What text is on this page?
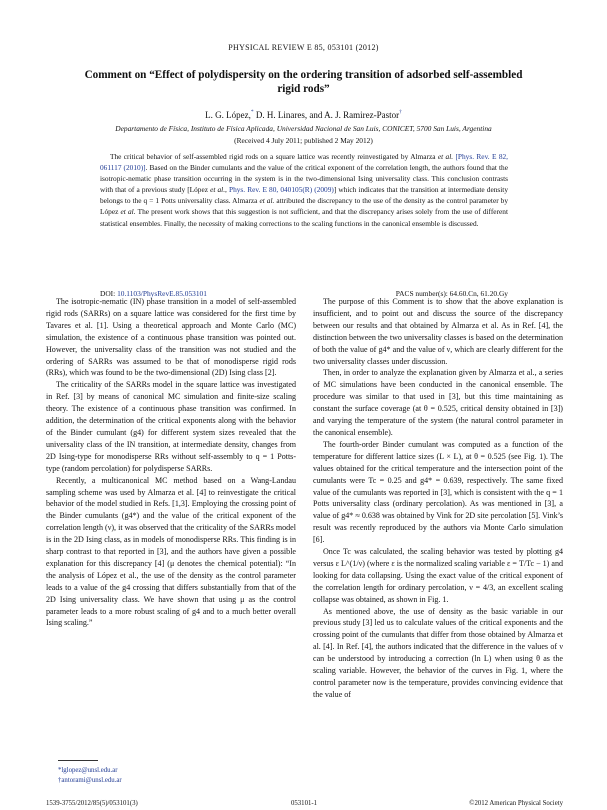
PHYSICAL REVIEW E 85, 053101 (2012)
Comment on “Effect of polydispersity on the ordering transition of adsorbed self-assembled rigid rods”
L. G. López,* D. H. Linares, and A. J. Ramirez-Pastor†
Departamento de Física, Instituto de Física Aplicada, Universidad Nacional de San Luis, CONICET, 5700 San Luis, Argentina
(Received 4 July 2011; published 2 May 2012)

The critical behavior of self-assembled rigid rods on a square lattice was recently reinvestigated by Almarza et al. [Phys. Rev. E 82, 061117 (2010)]. Based on the Binder cumulants and the value of the critical exponent of the correlation length, the authors found that the isotropic-nematic phase transition occurring in the system is in the two-dimensional Ising universality class. This conclusion contrasts with that of a previous study [López et al., Phys. Rev. E 80, 040105(R) (2009)] which indicates that the transition at intermediate density belongs to the q = 1 Potts universality class. Almarza et al. attributed the discrepancy to the use of the density as the control parameter by López et al. The present work shows that this suggestion is not sufficient, and that the discrepancy arises solely from the use of different statistical ensembles. Finally, the necessity of making corrections to the scaling functions in the canonical ensemble is discussed.

DOI: 10.1103/PhysRevE.85.053101	PACS number(s): 64.60.Cn, 61.20.Gy

The isotropic-nematic (IN) phase transition in a model of self-assembled rigid rods (SARRs) on a square lattice was considered for the first time by Tavares et al. [1]. Using a theoretical approach and Monte Carlo (MC) simulation, the existence of a continuous phase transition was pointed out. However, the universality class of the transition was not studied and the ordering of SARRs was assumed to be that of monodisperse rigid rods (RRs), which was found to be the two-dimensional (2D) Ising class [2].

The criticality of the SARRs model in the square lattice was investigated in Ref. [3] by means of canonical MC simulation and finite-size scaling theory. The existence of a continuous phase transition was confirmed. In addition, the determination of the critical exponents along with the behavior of the Binder cumulant (g4) for different system sizes revealed that the universality class of the IN transition, at intermediate density, changes from 2D Ising-type for monodisperse RRs without self-assembly to q = 1 Potts-type (random percolation) for polydisperse SARRs.

Recently, a multicanonical MC method based on a Wang-Landau sampling scheme was used by Almarza et al. [4] to reinvestigate the critical behavior of the model studied in Refs. [1,3]. Employing the crossing point of the Binder cumulants (g4*) and the value of the critical exponent of the correlation length (ν), it was observed that the criticality of the SARRs model is in the 2D Ising class, as in models of monodisperse RRs. This finding is in sharp contrast to that reported in [3], and the authors have given a possible explanation for this discrepancy [4] (μ denotes the chemical potential): “In the analysis of López et al., the use of the density as the control parameter leads to a value of the g4 crossing that differs substantially from that of the 2D Ising universality class. We have shown that using μ as the control parameter leads to a more robust scaling of g4 and to a much better overall Ising scaling.”

The purpose of this Comment is to show that the above explanation is insufficient, and to point out and discuss the source of the discrepancy between our results and that obtained by Almarza et al. As in Ref. [4], the distinction between the two universality classes is based on the determination of both the value of g4* and the value of ν, which are clearly different for the two universality classes under discussion.

Then, in order to analyze the explanation given by Almarza et al., a series of MC simulations have been conducted in the canonical ensemble. The procedure was similar to that used in [3], but this time maintaining as constant the surface coverage (at θ = 0.525, critical density obtained in [3]) and varying the temperature of the system (the natural control parameter in the canonical ensemble).

The fourth-order Binder cumulant was computed as a function of the temperature for different lattice sizes (L × L), at θ = 0.525 (see Fig. 1). The values obtained for the critical temperature and the intersection point of the cumulants were Tc = 0.25 and g4* = 0.639, respectively. The same fixed value of the cumulants was reported in [3], which is consistent with the q = 1 Potts universality class (ordinary percolation). As was mentioned in [3], a value of g4* ≈ 0.638 was obtained by Vink for 2D site percolation [5]. Vink’s result was recently reproduced by the authors via Monte Carlo simulation [6].

Once Tc was calculated, the scaling behavior was tested by plotting g4 versus ε L^(1/ν) (where ε is the normalized scaling variable ε = T/Tc − 1) and looking for data collapsing. Using the exact value of the critical exponent of the correlation length for ordinary percolation, ν = 4/3, an excellent scaling collapse was obtained, as shown in Fig. 1.

As mentioned above, the use of density as the basic variable in our previous study [3] led us to calculate values of the critical exponents and the crossing point of the cumulants that differ from those obtained by Almarza et al. [4]. In Ref. [4], the authors indicated that the difference in the values of ν can be understood by introducing a correction (ln L) when using θ as the scaling variable. However, the behavior of the curves in Fig. 1, where the control parameter now is the temperature, provides convincing evidence that the value of

*lglopez@unsl.edu.ar
†antorami@unsl.edu.ar
1539-3755/2012/85(5)/053101(3)	053101-1	©2012 American Physical Society
